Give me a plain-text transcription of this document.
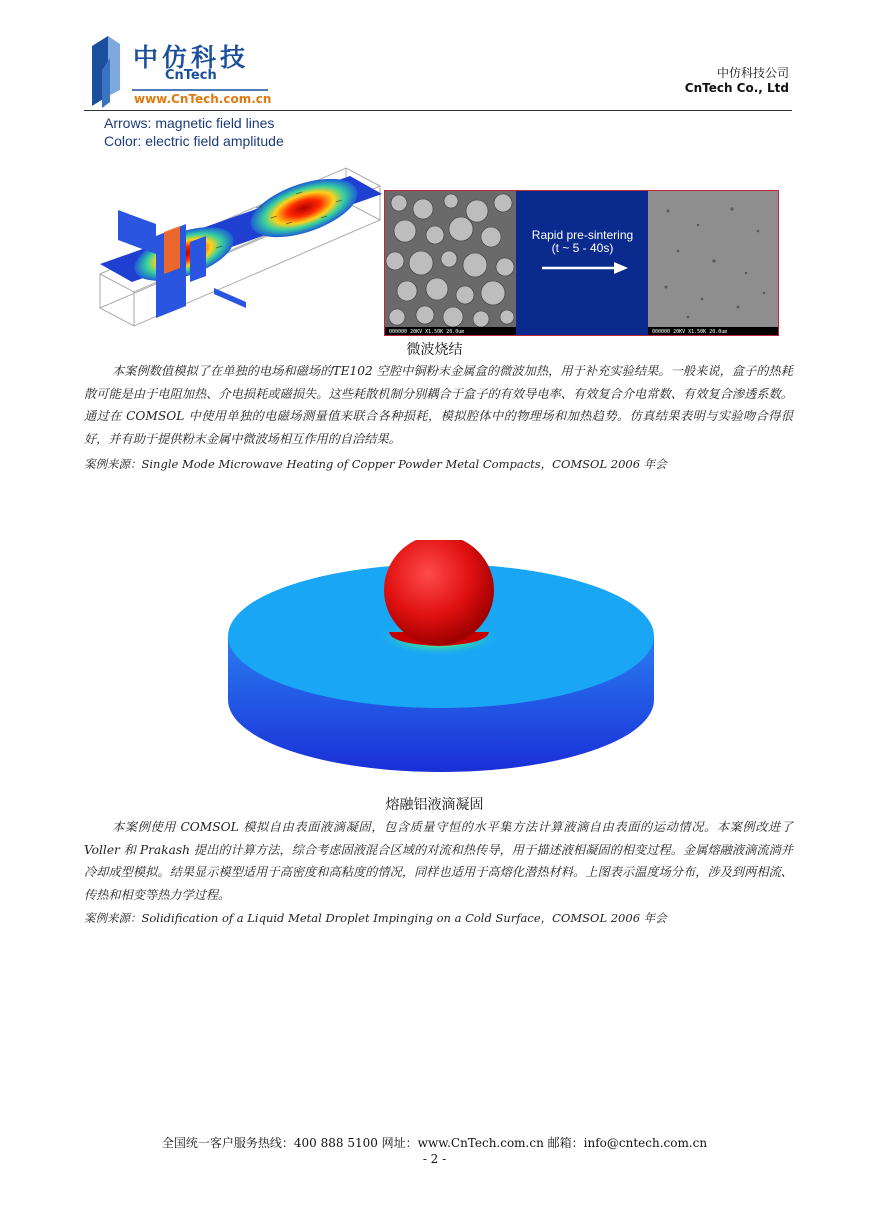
中仿科技
CnTech
www.CnTech.com.cn
中仿科技公司
CnTech Co., Ltd
Arrows: magnetic field lines
Color: electric field amplitude
000000 20KV X1.50K 20.0um
Rapid pre-sintering
(t ~ 5 - 40s)
000000 20KV X1.50K 20.0um
微波烧结

本案例数值模拟了在单独的电场和磁场的TE102 空腔中铜粉末金属盒的微波加热，用于补充实验结果。一般来说，盒子的热耗散可能是由于电阻加热、介电损耗或磁损失。这些耗散机制分别耦合于盒子的有效导电率、有效复合介电常数、有效复合渗透系数。通过在 COMSOL 中使用单独的电磁场测量值来联合各种损耗，模拟腔体中的物理场和加热趋势。仿真结果表明与实验吻合得很好，并有助于提供粉末金属中微波场相互作用的自洽结果。

案例来源：Single Mode Microwave Heating of Copper Powder Metal Compacts，COMSOL 2006 年会
熔融铝液滴凝固

本案例使用 COMSOL 模拟自由表面液滴凝固，包含质量守恒的水平集方法计算液滴自由表面的运动情况。本案例改进了 Voller 和 Prakash 提出的计算方法，综合考虑固液混合区域的对流和热传导，用于描述液相凝固的相变过程。金属熔融液滴流淌并冷却成型模拟。结果显示模型适用于高密度和高粘度的情况，同样也适用于高熔化潜热材料。上图表示温度场分布，涉及到两相流、传热和相变等热力学过程。

案例来源：Solidification of a Liquid Metal Droplet Impinging on a Cold Surface，COMSOL 2006 年会
全国统一客户服务热线：400 888 5100 网址：www.CnTech.com.cn 邮箱：info@cntech.com.cn
- 2 -
